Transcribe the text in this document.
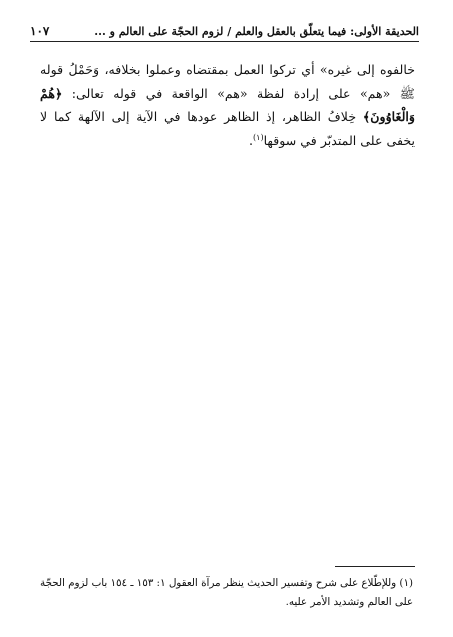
الحديقة الأولى: فيما يتعلّق بالعقل والعلم / لزوم الحجّة على العالم و ...
١٠٧

خالفوه إلى غيره» أي تركوا العمل بمقتضاه وعملوا بخلافه، وَحَمْلُ قوله ﷺ «هم» على إرادة لفظة «هم» الواقعة في قوله تعالى: ﴿هُمْ وَالْغَاوُونَ﴾ خِلافُ الظاهر، إذ الظاهر عودها في الآية إلى الآلهة كما لا يخفى على المتدبّر في سوقها$^{(١)}$.

(١) وللإطّلاع على شرح وتفسير الحديث ينظر مرآة العقول ١: ١٥٣ ـ ١٥٤ باب لزوم الحجّة على العالم وتشديد الأمر عليه.
